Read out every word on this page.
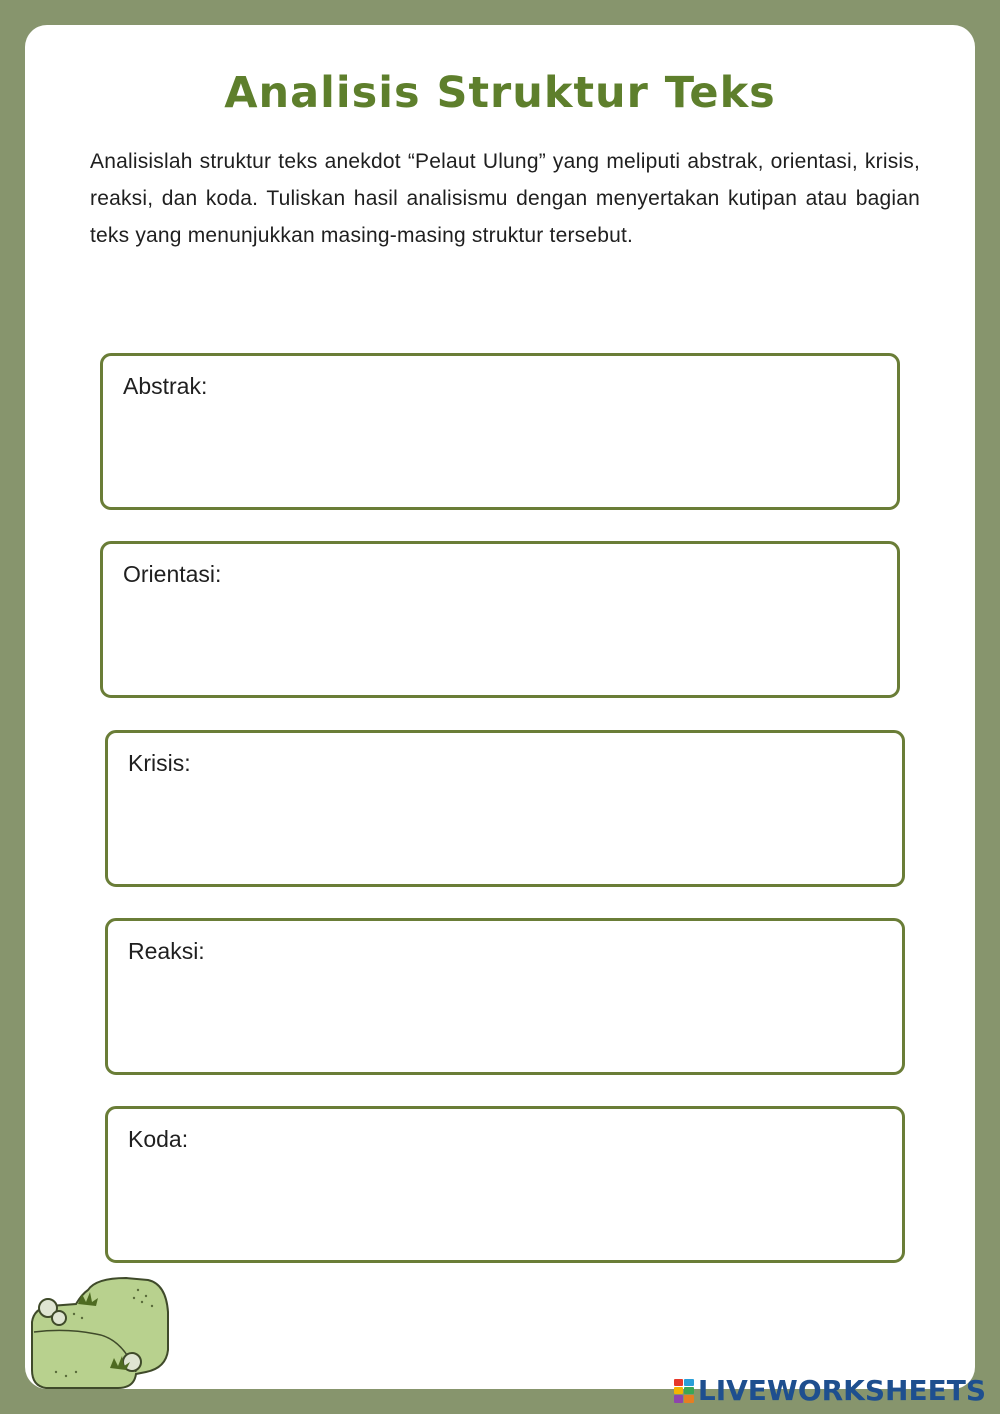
Analisis Struktur Teks

Analisislah struktur teks anekdot “Pelaut Ulung” yang meliputi abstrak, orientasi, krisis, reaksi, dan koda. Tuliskan hasil analisismu dengan menyertakan kutipan atau bagian teks yang menunjukkan masing-masing struktur tersebut.

Abstrak:
Orientasi:
Krisis:
Reaksi:
Koda:
LIVEWORKSHEETS
